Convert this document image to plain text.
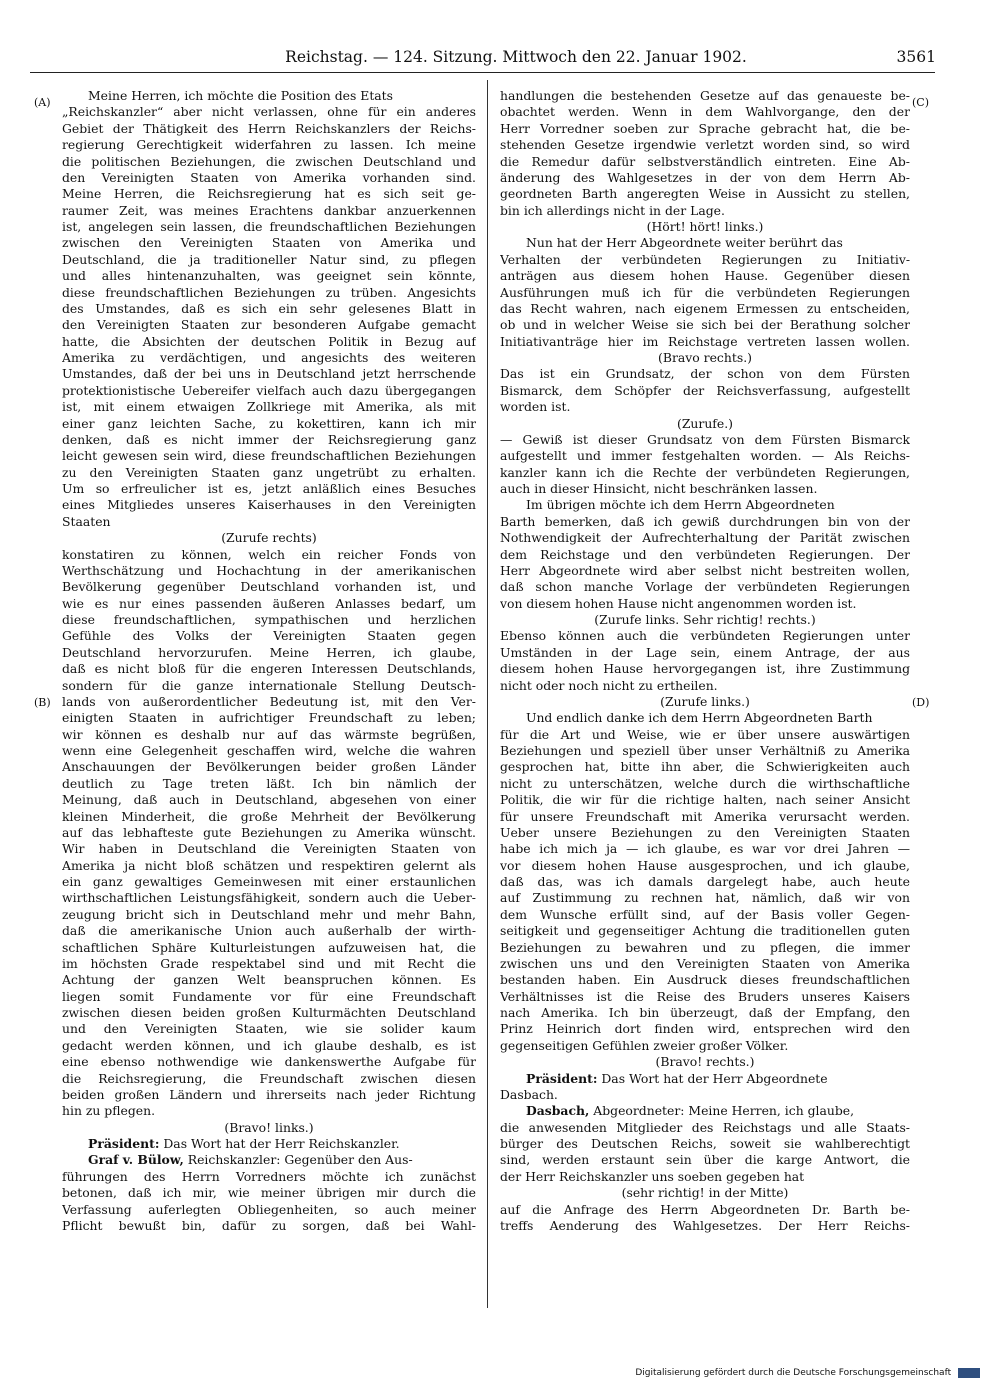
Reichstag. — 124. Sitzung. Mittwoch den 22. Januar 1902.	3561
(A)
(B)
(C)
(D)
Meine Herren, ich möchte die Position des Etats
„Reichskanzler“ aber nicht verlassen, ohne für ein anderes
Gebiet der Thätigkeit des Herrn Reichskanzlers der Reichs-
regierung Gerechtigkeit widerfahren zu lassen. Ich meine
die politischen Beziehungen, die zwischen Deutschland und
den Vereinigten Staaten von Amerika vorhanden sind.
Meine Herren, die Reichsregierung hat es sich seit ge-
raumer Zeit, was meines Erachtens dankbar anzuerkennen
ist, angelegen sein lassen, die freundschaftlichen Beziehungen
zwischen den Vereinigten Staaten von Amerika und
Deutschland, die ja traditioneller Natur sind, zu pflegen
und alles hintenanzuhalten, was geeignet sein könnte,
diese freundschaftlichen Beziehungen zu trüben. Angesichts
des Umstandes, daß es sich ein sehr gelesenes Blatt in
den Vereinigten Staaten zur besonderen Aufgabe gemacht
hatte, die Absichten der deutschen Politik in Bezug auf
Amerika zu verdächtigen, und angesichts des weiteren
Umstandes, daß der bei uns in Deutschland jetzt herrschende
protektionistische Uebereifer vielfach auch dazu übergegangen
ist, mit einem etwaigen Zollkriege mit Amerika, als mit
einer ganz leichten Sache, zu kokettiren, kann ich mir
denken, daß es nicht immer der Reichsregierung ganz
leicht gewesen sein wird, diese freundschaftlichen Beziehungen
zu den Vereinigten Staaten ganz ungetrübt zu erhalten.
Um so erfreulicher ist es, jetzt anläßlich eines Besuches
eines Mitgliedes unseres Kaiserhauses in den Vereinigten
Staaten
(Zurufe rechts)
konstatiren zu können, welch ein reicher Fonds von
Werthschätzung und Hochachtung in der amerikanischen
Bevölkerung gegenüber Deutschland vorhanden ist, und
wie es nur eines passenden äußeren Anlasses bedarf, um
diese freundschaftlichen, sympathischen und herzlichen
Gefühle des Volks der Vereinigten Staaten gegen
Deutschland hervorzurufen. Meine Herren, ich glaube,
daß es nicht bloß für die engeren Interessen Deutschlands,
sondern für die ganze internationale Stellung Deutsch-
lands von außerordentlicher Bedeutung ist, mit den Ver-
einigten Staaten in aufrichtiger Freundschaft zu leben;
wir können es deshalb nur auf das wärmste begrüßen,
wenn eine Gelegenheit geschaffen wird, welche die wahren
Anschauungen der Bevölkerungen beider großen Länder
deutlich zu Tage treten läßt. Ich bin nämlich der
Meinung, daß auch in Deutschland, abgesehen von einer
kleinen Minderheit, die große Mehrheit der Bevölkerung
auf das lebhafteste gute Beziehungen zu Amerika wünscht.
Wir haben in Deutschland die Vereinigten Staaten von
Amerika ja nicht bloß schätzen und respektiren gelernt als
ein ganz gewaltiges Gemeinwesen mit einer erstaunlichen
wirthschaftlichen Leistungsfähigkeit, sondern auch die Ueber-
zeugung bricht sich in Deutschland mehr und mehr Bahn,
daß die amerikanische Union auch außerhalb der wirth-
schaftlichen Sphäre Kulturleistungen aufzuweisen hat, die
im höchsten Grade respektabel sind und mit Recht die
Achtung der ganzen Welt beanspruchen können. Es
liegen somit Fundamente vor für eine Freundschaft
zwischen diesen beiden großen Kulturmächten Deutschland
und den Vereinigten Staaten, wie sie solider kaum
gedacht werden können, und ich glaube deshalb, es ist
eine ebenso nothwendige wie dankenswerthe Aufgabe für
die Reichsregierung, die Freundschaft zwischen diesen
beiden großen Ländern und ihrerseits nach jeder Richtung
hin zu pflegen.
(Bravo! links.)
Präsident: Das Wort hat der Herr Reichskanzler.
Graf v. Bülow, Reichskanzler: Gegenüber den Aus-
führungen des Herrn Vorredners möchte ich zunächst
betonen, daß ich mir, wie meiner übrigen mir durch die
Verfassung auferlegten Obliegenheiten, so auch meiner
Pflicht bewußt bin, dafür zu sorgen, daß bei Wahl-
handlungen die bestehenden Gesetze auf das genaueste be-
obachtet werden. Wenn in dem Wahlvorgange, den der
Herr Vorredner soeben zur Sprache gebracht hat, die be-
stehenden Gesetze irgendwie verletzt worden sind, so wird
die Remedur dafür selbstverständlich eintreten. Eine Ab-
änderung des Wahlgesetzes in der von dem Herrn Ab-
geordneten Barth angeregten Weise in Aussicht zu stellen,
bin ich allerdings nicht in der Lage.
(Hört! hört! links.)
Nun hat der Herr Abgeordnete weiter berührt das
Verhalten der verbündeten Regierungen zu Initiativ-
anträgen aus diesem hohen Hause. Gegenüber diesen
Ausführungen muß ich für die verbündeten Regierungen
das Recht wahren, nach eigenem Ermessen zu entscheiden,
ob und in welcher Weise sie sich bei der Berathung solcher
Initiativanträge hier im Reichstage vertreten lassen wollen.
(Bravo rechts.)
Das ist ein Grundsatz, der schon von dem Fürsten
Bismarck, dem Schöpfer der Reichsverfassung, aufgestellt
worden ist.
(Zurufe.)
— Gewiß ist dieser Grundsatz von dem Fürsten Bismarck
aufgestellt und immer festgehalten worden. — Als Reichs-
kanzler kann ich die Rechte der verbündeten Regierungen,
auch in dieser Hinsicht, nicht beschränken lassen.
Im übrigen möchte ich dem Herrn Abgeordneten
Barth bemerken, daß ich gewiß durchdrungen bin von der
Nothwendigkeit der Aufrechterhaltung der Parität zwischen
dem Reichstage und den verbündeten Regierungen. Der
Herr Abgeordnete wird aber selbst nicht bestreiten wollen,
daß schon manche Vorlage der verbündeten Regierungen
von diesem hohen Hause nicht angenommen worden ist.
(Zurufe links. Sehr richtig! rechts.)
Ebenso können auch die verbündeten Regierungen unter
Umständen in der Lage sein, einem Antrage, der aus
diesem hohen Hause hervorgegangen ist, ihre Zustimmung
nicht oder noch nicht zu ertheilen.
(Zurufe links.)
Und endlich danke ich dem Herrn Abgeordneten Barth
für die Art und Weise, wie er über unsere auswärtigen
Beziehungen und speziell über unser Verhältniß zu Amerika
gesprochen hat, bitte ihn aber, die Schwierigkeiten auch
nicht zu unterschätzen, welche durch die wirthschaftliche
Politik, die wir für die richtige halten, nach seiner Ansicht
für unsere Freundschaft mit Amerika verursacht werden.
Ueber unsere Beziehungen zu den Vereinigten Staaten
habe ich mich ja — ich glaube, es war vor drei Jahren —
vor diesem hohen Hause ausgesprochen, und ich glaube,
daß das, was ich damals dargelegt habe, auch heute
auf Zustimmung zu rechnen hat, nämlich, daß wir von
dem Wunsche erfüllt sind, auf der Basis voller Gegen-
seitigkeit und gegenseitiger Achtung die traditionellen guten
Beziehungen zu bewahren und zu pflegen, die immer
zwischen uns und den Vereinigten Staaten von Amerika
bestanden haben. Ein Ausdruck dieses freundschaftlichen
Verhältnisses ist die Reise des Bruders unseres Kaisers
nach Amerika. Ich bin überzeugt, daß der Empfang, den
Prinz Heinrich dort finden wird, entsprechen wird den
gegenseitigen Gefühlen zweier großer Völker.
(Bravo! rechts.)
Präsident: Das Wort hat der Herr Abgeordnete
Dasbach.
Dasbach, Abgeordneter: Meine Herren, ich glaube,
die anwesenden Mitglieder des Reichstags und alle Staats-
bürger des Deutschen Reichs, soweit sie wahlberechtigt
sind, werden erstaunt sein über die karge Antwort, die
der Herr Reichskanzler uns soeben gegeben hat
(sehr richtig! in der Mitte)
auf die Anfrage des Herrn Abgeordneten Dr. Barth be-
treffs Aenderung des Wahlgesetzes. Der Herr Reichs-
Digitalisierung gefördert durch die Deutsche Forschungsgemeinschaft
